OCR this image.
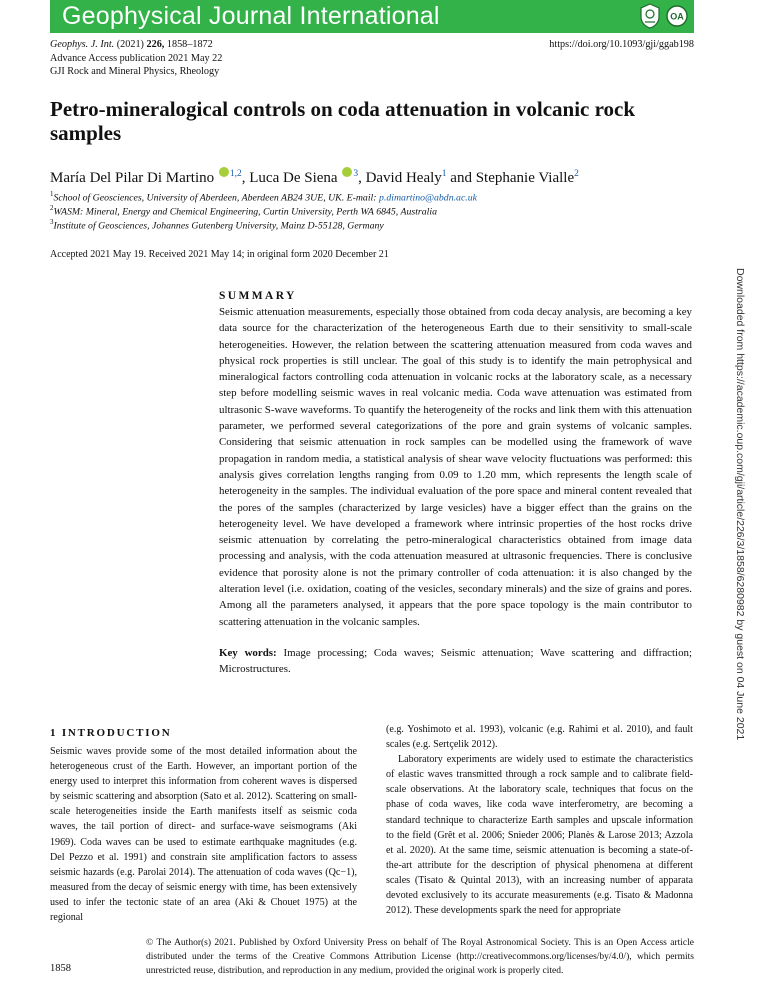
Geophysical Journal International	OA
Geophys. J. Int. (2021) 226, 1858–1872
Advance Access publication 2021 May 22
GJI Rock and Mineral Physics, Rheology
https://doi.org/10.1093/gji/ggab198
Petro-mineralogical controls on coda attenuation in volcanic rock samples
María Del Pilar Di Martino $^{1,2}$, Luca De Siena $^3$, David Healy$^1$ and Stephanie Vialle$^2$
$^1$School of Geosciences, University of Aberdeen, Aberdeen AB24 3UE, UK. E-mail: p.dimartino@abdn.ac.uk
$^2$WASM: Mineral, Energy and Chemical Engineering, Curtin University, Perth WA 6845, Australia
$^3$Institute of Geosciences, Johannes Gutenberg University, Mainz D-55128, Germany
Accepted 2021 May 19. Received 2021 May 14; in original form 2020 December 21
SUMMARY
Seismic attenuation measurements, especially those obtained from coda decay analysis, are becoming a key data source for the characterization of the heterogeneous Earth due to their sensitivity to small-scale heterogeneities. However, the relation between the scattering attenuation measured from coda waves and physical rock properties is still unclear. The goal of this study is to identify the main petrophysical and mineralogical factors controlling coda attenuation in volcanic rocks at the laboratory scale, as a necessary step before modelling seismic waves in real volcanic media. Coda wave attenuation was estimated from ultrasonic S-wave waveforms. To quantify the heterogeneity of the rocks and link them with this attenuation parameter, we performed several categorizations of the pore and grain systems of volcanic samples. Considering that seismic attenuation in rock samples can be modelled using the framework of wave propagation in random media, a statistical analysis of shear wave velocity fluctuations was performed: this analysis gives correlation lengths ranging from 0.09 to 1.20 mm, which represents the length scale of heterogeneity in the samples. The individual evaluation of the pore space and mineral content revealed that the pores of the samples (characterized by large vesicles) have a bigger effect than the grains on the heterogeneity level. We have developed a framework where intrinsic properties of the host rocks drive seismic attenuation by correlating the petro-mineralogical characteristics obtained from image data processing and analysis, with the coda attenuation measured at ultrasonic frequencies. There is conclusive evidence that porosity alone is not the primary controller of coda attenuation: it is also changed by the alteration level (i.e. oxidation, coating of the vesicles, secondary minerals) and the size of grains and pores. Among all the parameters analysed, it appears that the pore space topology is the main contributor to scattering attenuation in the volcanic samples.
Key words: Image processing; Coda waves; Seismic attenuation; Wave scattering and diffraction; Microstructures.
1 INTRODUCTION
Seismic waves provide some of the most detailed information about the heterogeneous crust of the Earth. However, an important portion of the energy used to interpret this information from coherent waves is dispersed by seismic scattering and absorption (Sato et al. 2012). Scattering on small-scale heterogeneities inside the Earth manifests itself as seismic coda waves, the tail portion of direct- and surface-wave seismograms (Aki 1969). Coda waves can be used to estimate earthquake magnitudes (e.g. Del Pezzo et al. 1991) and constrain site amplification factors to assess seismic hazards (e.g. Parolai 2014). The attenuation of coda waves (Qc−1), measured from the decay of seismic energy with time, has been extensively used to infer the tectonic state of an area (Aki & Chouet 1975) at the regional

(e.g. Yoshimoto et al. 1993), volcanic (e.g. Rahimi et al. 2010), and fault scales (e.g. Sertçelik 2012).

Laboratory experiments are widely used to estimate the characteristics of elastic waves transmitted through a rock sample and to calibrate field-scale observations. At the laboratory scale, techniques that focus on the phase of coda waves, like coda wave interferometry, are becoming a standard technique to characterize Earth samples and upscale information to the field (Grêt et al. 2006; Snieder 2006; Planès & Larose 2013; Azzola et al. 2020). At the same time, seismic attenuation is becoming a state-of-the-art attribute for the description of physical phenomena at different scales (Tisato & Quintal 2013), with an increasing number of apparata devoted exclusively to its accurate measurements (e.g. Tisato & Madonna 2012). These developments spark the need for appropriate

© The Author(s) 2021. Published by Oxford University Press on behalf of The Royal Astronomical Society. This is an Open Access article distributed under the terms of the Creative Commons Attribution License (http://creativecommons.org/licenses/by/4.0/), which permits unrestricted reuse, distribution, and reproduction in any medium, provided the original work is properly cited.
1858
Downloaded from https://academic.oup.com/gji/article/226/3/1858/6280982 by guest on 04 June 2021
